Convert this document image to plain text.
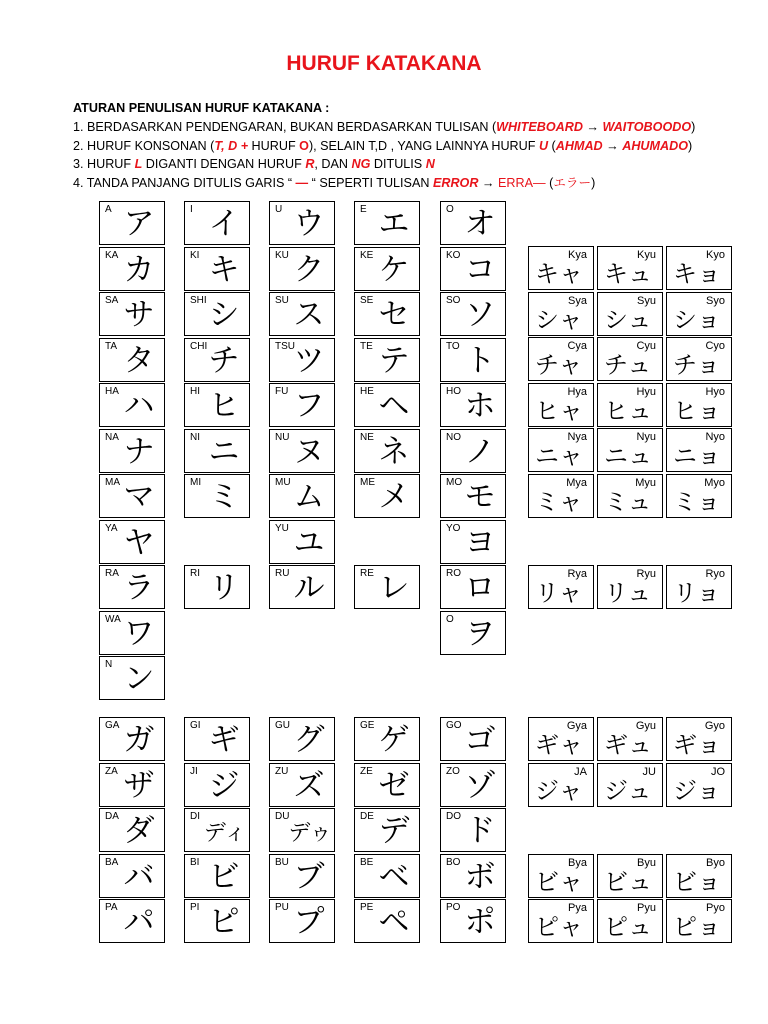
HURUF KATAKANA
ATURAN PENULISAN HURUF KATAKANA :
1. BERDASARKAN PENDENGARAN, BUKAN BERDASARKAN TULISAN (WHITEBOARD → WAITOBOODO)
2. HURUF KONSONAN (T, D + HURUF O), SELAIN T,D , YANG LAINNYA HURUF U (AHMAD → AHUMADO)
3. HURUF L DIGANTI DENGAN HURUF R, DAN NG DITULIS N
4. TANDA PANJANG DITULIS GARIS “ — “ SEPERTI TULISAN ERROR → ERRA— (エラー)
A ア
KA カ
SA サ
TA タ
HA ハ
NA ナ
MA マ
YA ヤ
RA ラ
WA ワ
N ン
I イ
KI キ
SHI シ
CHI チ
HI ヒ
NI ニ
MI ミ
RI リ
U ウ
KU ク
SU ス
TSU
ツ
FU フ
NU ヌ
MU ム
YU ユ
RU ル
E エ
KE ケ
SE セ
TE テ
HE ヘ
NE ネ
ME メ
RE レ
O オ
KO コ
SO ソ
TO ト
HO ホ
NO ノ
MO モ
YO ヨ
RO ロ
O ヲ
Kya
キャ
Kyu
キュ
Kyo
キョ
Sya
シャ
Syu
シュ
Syo
ショ
Cya
チャ
Cyu
チュ
Cyo
チョ
Hya
ヒャ
Hyu
ヒュ
Hyo
ヒョ
Nya
ニャ
Nyu
ニュ
Nyo
ニョ
Mya
ミャ
Myu
ミュ
Myo
ミョ
Rya
リャ
Ryu
リュ
Ryo
リョ
GA ガ
ZA ザ
DA ダ
BA バ
PA パ
GI ギ
JI ジ
DI
ディ
BI ビ
PI ピ
GU グ
ZU ズ
DU
デゥ
BU ブ
PU プ
GE ゲ
ZE ゼ
DE デ
BE ベ
PE ペ
GO ゴ
ZO ゾ
DO ド
BO ボ
PO ポ
Gya
ギャ
Gyu
ギュ
Gyo
ギョ
JA
ジャ
JU
ジュ
JO
ジョ
Bya
ビャ
Byu
ビュ
Byo
ビョ
Pya
ピャ
Pyu
ピュ
Pyo
ピョ
